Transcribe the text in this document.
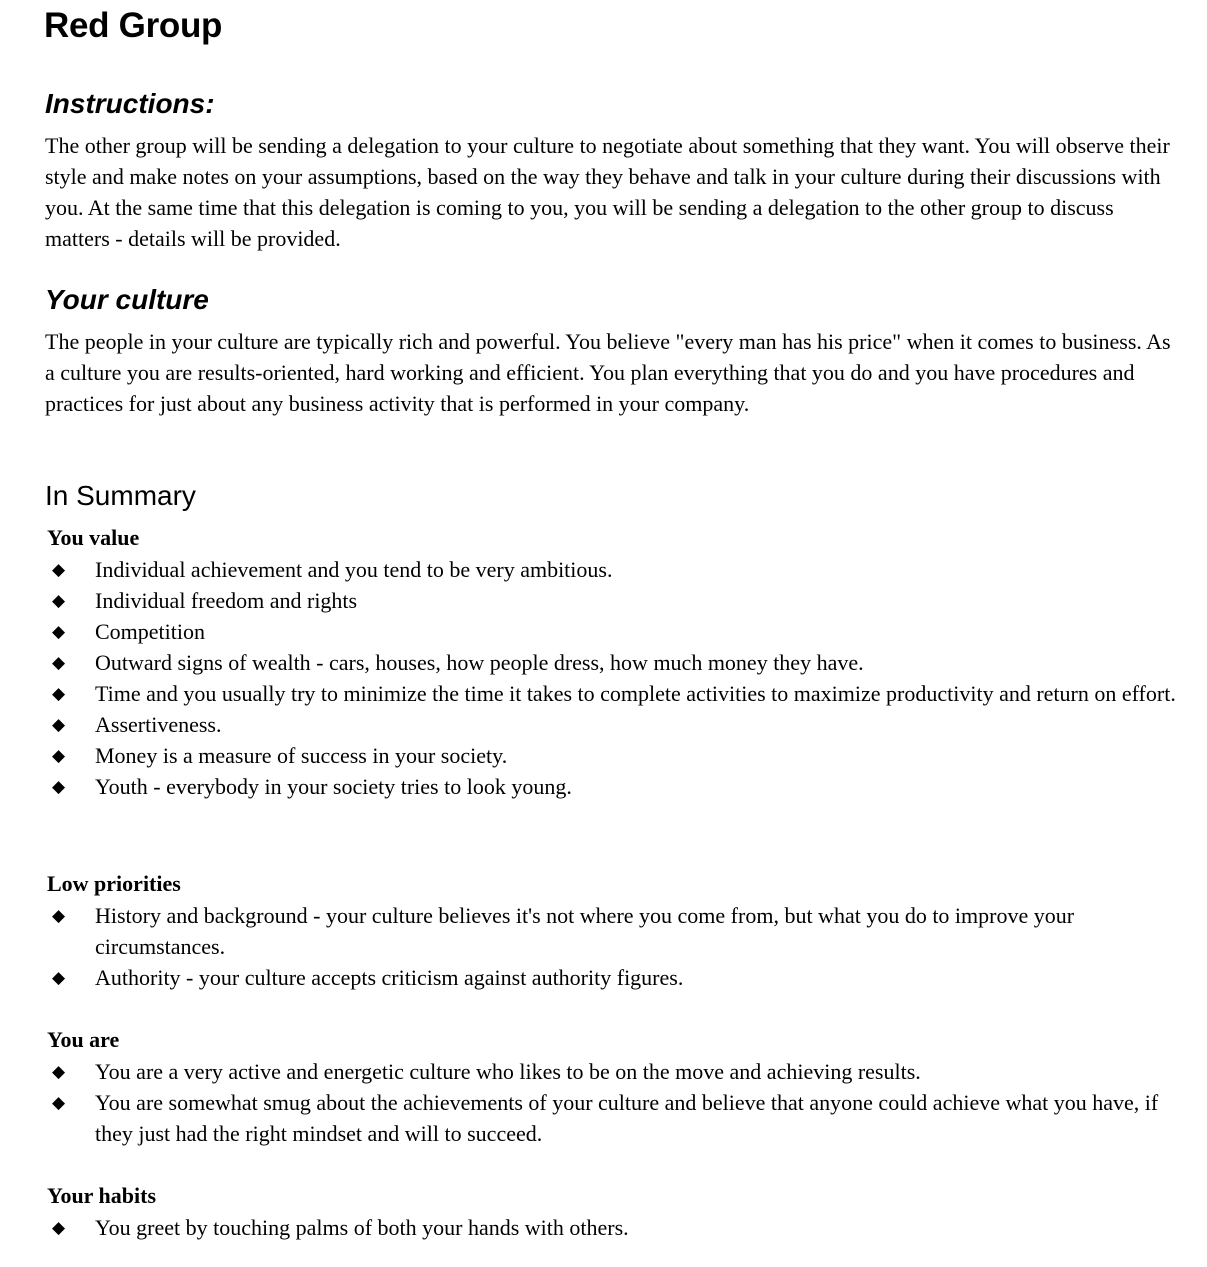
Red Group
Instructions:

The other group will be sending a delegation to your culture to negotiate about something that they want. You will observe their style and make notes on your assumptions, based on the way they behave and talk in your culture during their discussions with you. At the same time that this delegation is coming to you, you will be sending a delegation to the other group to discuss matters - details will be provided.

Your culture

The people in your culture are typically rich and powerful. You believe "every man has his price" when it comes to business. As a culture you are results-oriented, hard working and efficient. You plan everything that you do and you have procedures and practices for just about any business activity that is performed in your company.

In Summary
You value
◆ Individual achievement and you tend to be very ambitious.
◆ Individual freedom and rights
◆ Competition
◆ Outward signs of wealth - cars, houses, how people dress, how much money they have.
◆ Time and you usually try to minimize the time it takes to complete activities to maximize productivity and return on effort.
◆ Assertiveness.
◆ Money is a measure of success in your society.
◆ Youth - everybody in your society tries to look young.
Low priorities
◆ History and background - your culture believes it's not where you come from, but what you do to improve your circumstances.
◆ Authority - your culture accepts criticism against authority figures.
You are
◆ You are a very active and energetic culture who likes to be on the move and achieving results.
◆ You are somewhat smug about the achievements of your culture and believe that anyone could achieve what you have, if they just had the right mindset and will to succeed.
Your habits
◆ You greet by touching palms of both your hands with others.
